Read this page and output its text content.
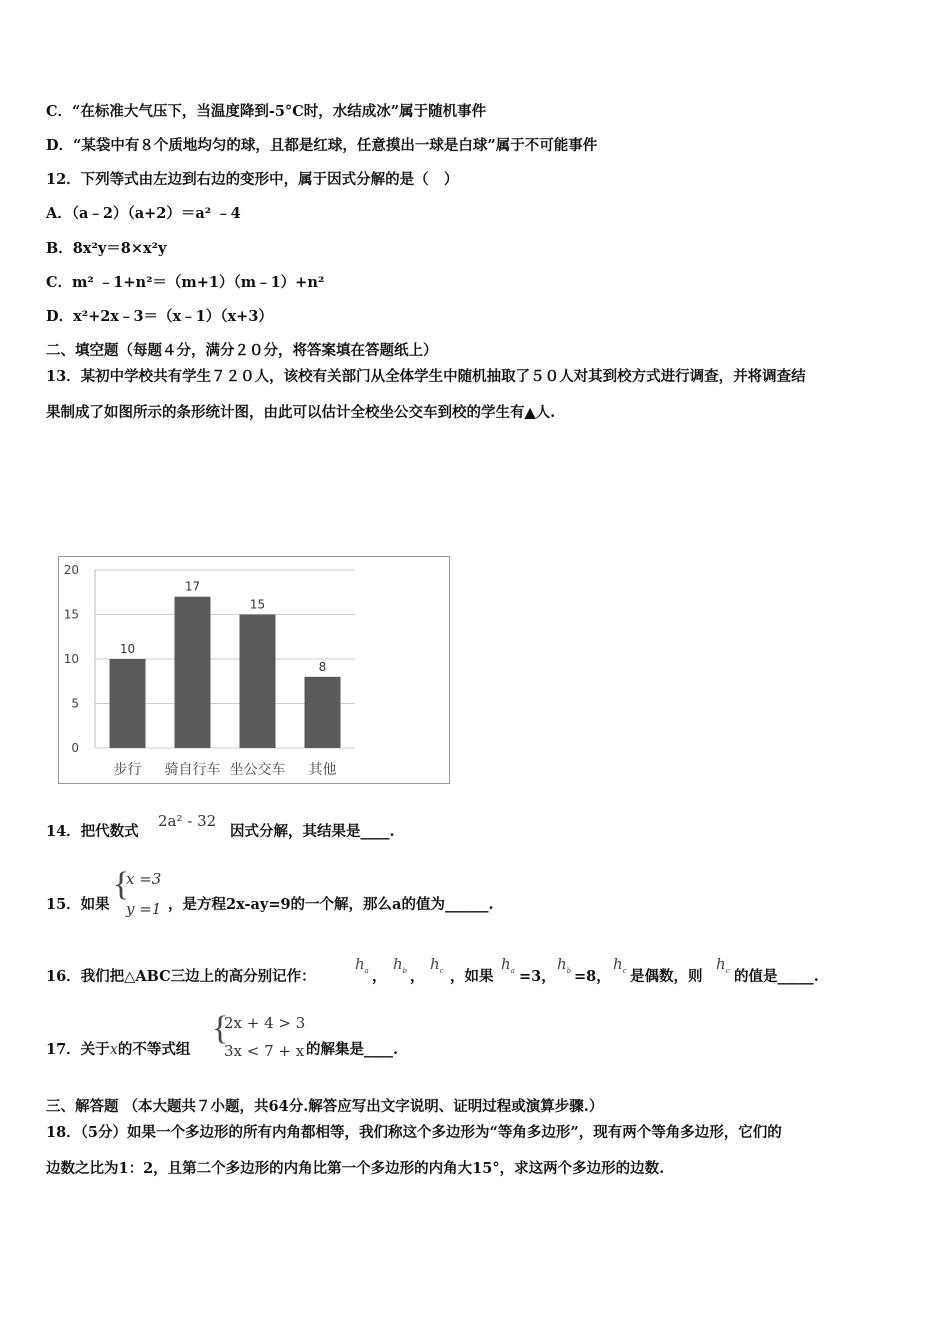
C．“在标准大气压下，当温度降到-5°C时，水结成冰”属于随机事件
D．“某袋中有８个质地均匀的球，且都是红球，任意摸出一球是白球”属于不可能事件
12．下列等式由左边到右边的变形中，属于因式分解的是（   ）
A．（a﹣2）（a+2）＝a² ﹣4
B．8x²y＝8×x²y
C．m² ﹣1+n²＝（m+1）（m﹣1）+n²
D．x²+2x﹣3＝（x﹣1）（x+3）
二、填空题（每题４分，满分２０分，将答案填在答题纸上）
13．某初中学校共有学生７２０人，该校有关部门从全体学生中随机抽取了５０人对其到校方式进行调查，并将调查结
果制成了如图所示的条形统计图，由此可以估计全校坐公交车到校的学生有▲人.
0
5
10
15
20
10
步行
17
骑自行车
15
坐公交车
8
其他
14．把代数式
2a² - 32
因式分解，其结果是____.
15．如果
{
x =3
y =1 ，是方程2x-ay=9的一个解，那么a的值为______.
16．我们把△ABC三边上的高分别记作：
$h_a$ ，
$h_b$ ，
$h_c$ ，如果
$h_a =3$，
$h_b =8$，
$h_c$ 是偶数，则
$h_c$ 的值是_____.
17．关于x的不等式组
{
2x + 4 > 3
3x < 7 + x 的解集是____.
三、解答题 （本大题共７小题，共64分.解答应写出文字说明、证明过程或演算步骤.）
18．（5分）如果一个多边形的所有内角都相等，我们称这个多边形为“等角多边形”，现有两个等角多边形，它们的
边数之比为1：2，且第二个多边形的内角比第一个多边形的内角大15°，求这两个多边形的边数.
